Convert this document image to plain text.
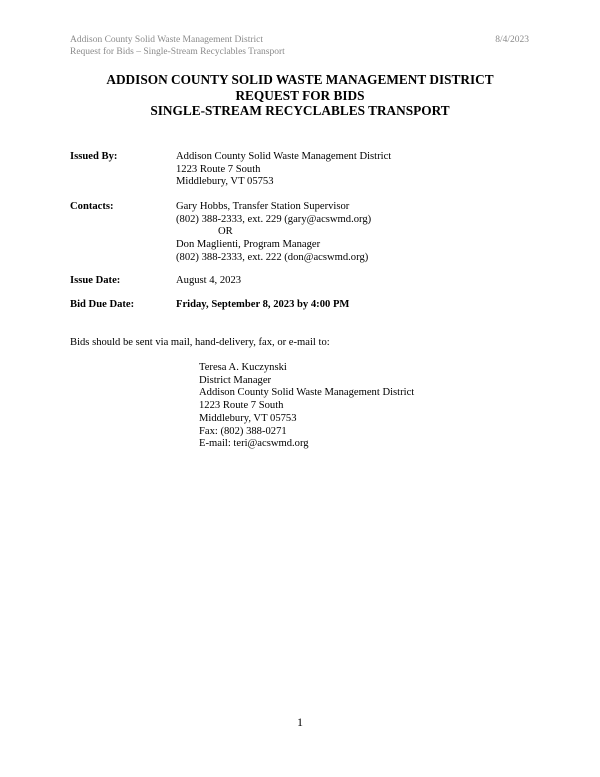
Addison County Solid Waste Management District
Request for Bids – Single-Stream Recyclables Transport
8/4/2023
ADDISON COUNTY SOLID WASTE MANAGEMENT DISTRICT
REQUEST FOR BIDS
SINGLE-STREAM RECYCLABLES TRANSPORT
Issued By:	Addison County Solid Waste Management District
1223 Route 7 South
Middlebury, VT 05753
Contacts:	Gary Hobbs, Transfer Station Supervisor
(802) 388-2333, ext. 229 (gary@acswmd.org)
OR
Don Maglienti, Program Manager
(802) 388-2333, ext. 222 (don@acswmd.org)
Issue Date:	August 4, 2023
Bid Due Date:	Friday, September 8, 2023 by 4:00 PM
Bids should be sent via mail, hand-delivery, fax, or e-mail to:
Teresa A. Kuczynski
District Manager
Addison County Solid Waste Management District
1223 Route 7 South
Middlebury, VT 05753
Fax: (802) 388-0271
E-mail: teri@acswmd.org
1
